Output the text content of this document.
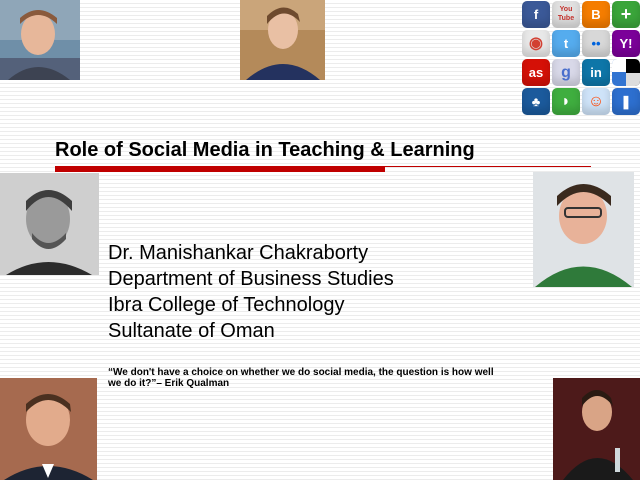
f	You Tube	B	+
◉	t	••	Y!
as	g	in
♣	◗	☺	❚
Role of Social Media in Teaching & Learning
Dr. Manishankar Chakraborty
Department of Business Studies
Ibra College of Technology
Sultanate of Oman
“We don't have a choice on whether we do social media, the question is how well
we do it?”– Erik Qualman
